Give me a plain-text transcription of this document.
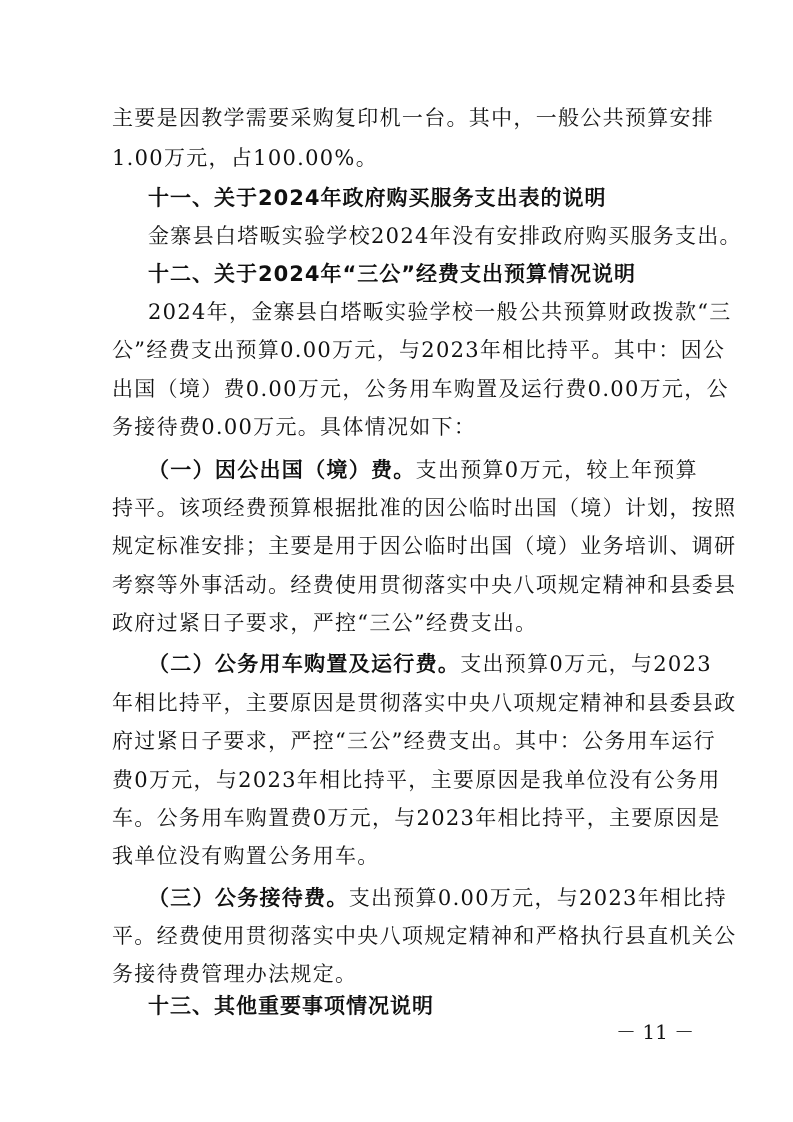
主要是因教学需要采购复印机一台。其中，一般公共预算安排
1.00万元，占100.00%。
十一、关于2024年政府购买服务支出表的说明
金寨县白塔畈实验学校2024年没有安排政府购买服务支出。
十二、关于2024年“三公”经费支出预算情况说明
2024年，金寨县白塔畈实验学校一般公共预算财政拨款“三
公”经费支出预算0.00万元，与2023年相比持平。其中：因公
出国（境）费0.00万元，公务用车购置及运行费0.00万元，公
务接待费0.00万元。具体情况如下：
（一）因公出国（境）费。支出预算0万元，较上年预算
持平。该项经费预算根据批准的因公临时出国（境）计划，按照
规定标准安排；主要是用于因公临时出国（境）业务培训、调研
考察等外事活动。经费使用贯彻落实中央八项规定精神和县委县
政府过紧日子要求，严控“三公”经费支出。
（二）公务用车购置及运行费。支出预算0万元，与2023
年相比持平，主要原因是贯彻落实中央八项规定精神和县委县政
府过紧日子要求，严控“三公”经费支出。其中：公务用车运行
费0万元，与2023年相比持平，主要原因是我单位没有公务用
车。公务用车购置费0万元，与2023年相比持平，主要原因是
我单位没有购置公务用车。
（三）公务接待费。支出预算0.00万元，与2023年相比持
平。经费使用贯彻落实中央八项规定精神和严格执行县直机关公
务接待费管理办法规定。
十三、其他重要事项情况说明
－ 11 －
